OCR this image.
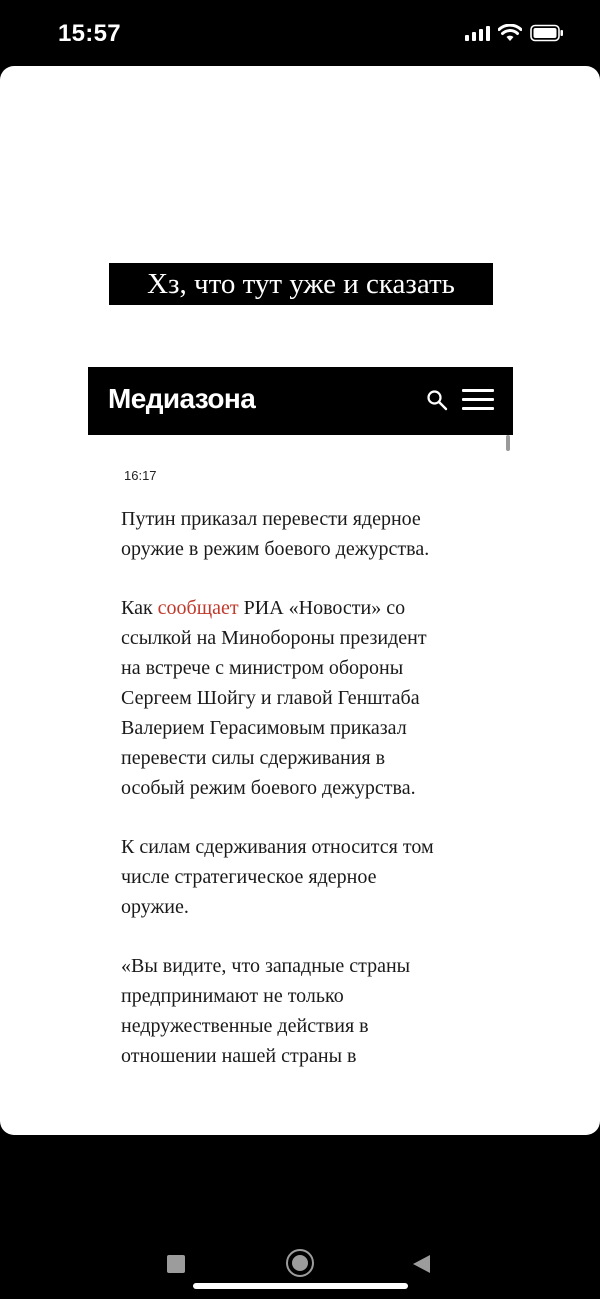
15:57
Хз, что тут уже и сказать
Медиазона
16:17

Путин приказал перевести ядерное
оружие в режим боевого дежурства.

Как сообщает РИА «Новости» со
ссылкой на Минобороны президент
на встрече с министром обороны
Сергеем Шойгу и главой Генштаба
Валерием Герасимовым приказал
перевести силы сдерживания в
особый режим боевого дежурства.

К силам сдерживания относится том
числе стратегическое ядерное
оружие.

«Вы видите, что западные страны
предпринимают не только
недружественные действия в
отношении нашей страны в
